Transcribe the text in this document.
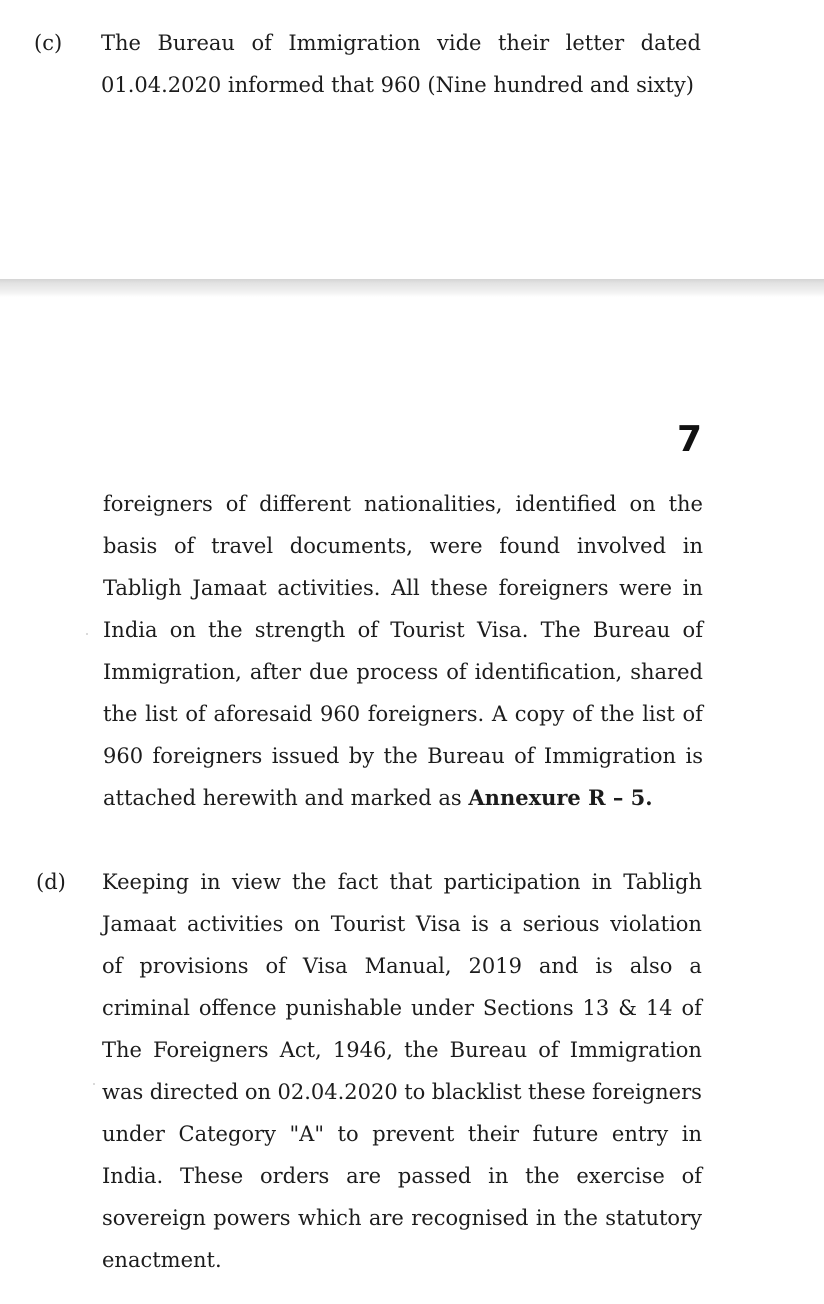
(c) The Bureau of Immigration vide their letter dated
01.04.2020 informed that 960 (Nine hundred and sixty)
7
foreigners of different nationalities, identified on the
basis of travel documents, were found involved in
Tabligh Jamaat activities. All these foreigners were in
India on the strength of Tourist Visa. The Bureau of
Immigration, after due process of identification, shared
the list of aforesaid 960 foreigners. A copy of the list of
960 foreigners issued by the Bureau of Immigration is
attached herewith and marked as Annexure R – 5.
(d) Keeping in view the fact that participation in Tabligh
Jamaat activities on Tourist Visa is a serious violation
of provisions of Visa Manual, 2019 and is also a
criminal offence punishable under Sections 13 & 14 of
The Foreigners Act, 1946, the Bureau of Immigration
was directed on 02.04.2020 to blacklist these foreigners
under Category "A" to prevent their future entry in
India. These orders are passed in the exercise of
sovereign powers which are recognised in the statutory
enactment.
